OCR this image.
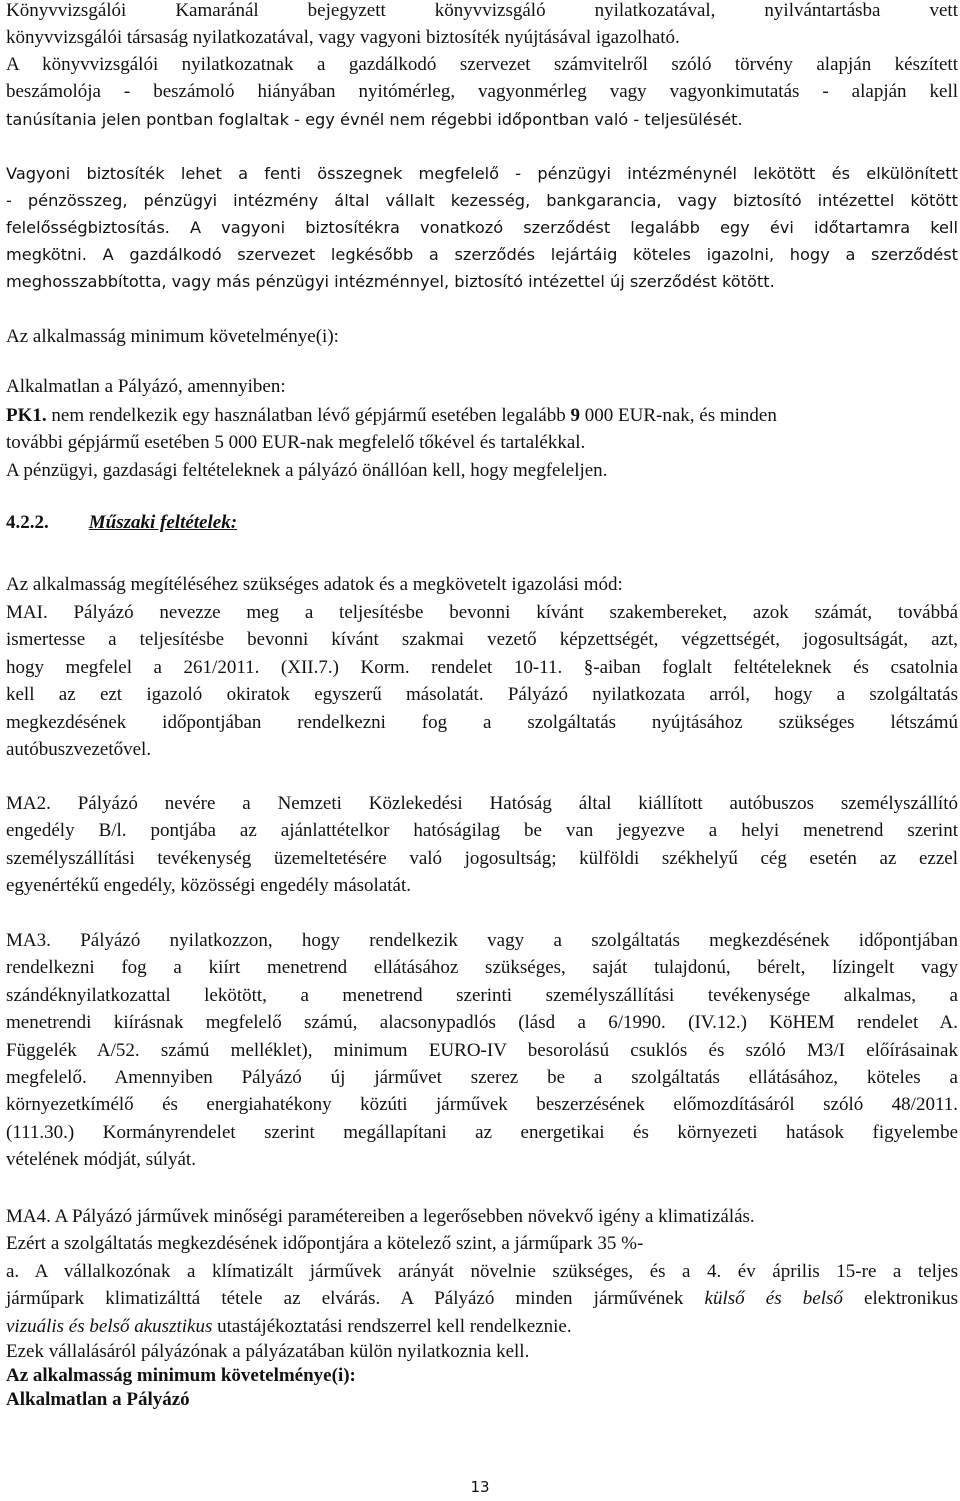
Könyvvizsgálói Kamaránál bejegyzett könyvvizsgáló nyilatkozatával, nyilvántartásba vett
könyvvizsgálói társaság nyilatkozatával, vagy vagyoni biztosíték nyújtásával igazolható.
A könyvvizsgálói nyilatkozatnak a gazdálkodó szervezet számvitelről szóló törvény alapján készített
beszámolója - beszámoló hiányában nyitómérleg, vagyonmérleg vagy vagyonkimutatás - alapján kell
tanúsítania jelen pontban foglaltak - egy évnél nem régebbi időpontban való - teljesülését.
Vagyoni biztosíték lehet a fenti összegnek megfelelő - pénzügyi intézménynél lekötött és elkülönített
- pénzösszeg, pénzügyi intézmény által vállalt kezesség, bankgarancia, vagy biztosító intézettel kötött
felelősségbiztosítás. A vagyoni biztosítékra vonatkozó szerződést legalább egy évi időtartamra kell
megkötni. A gazdálkodó szervezet legkésőbb a szerződés lejártáig köteles igazolni, hogy a szerződést
meghosszabbította, vagy más pénzügyi intézménnyel, biztosító intézettel új szerződést kötött.
Az alkalmasság minimum követelménye(i):
Alkalmatlan a Pályázó, amennyiben:
PK1. nem rendelkezik egy használatban lévő gépjármű esetében legalább 9 000 EUR-nak, és minden
további gépjármű esetében 5 000 EUR-nak megfelelő tőkével és tartalékkal.
A pénzügyi, gazdasági feltételeknek a pályázó önállóan kell, hogy megfeleljen.
4.2.2. Műszaki feltételek:
Az alkalmasság megítéléséhez szükséges adatok és a megkövetelt igazolási mód:
MAI. Pályázó nevezze meg a teljesítésbe bevonni kívánt szakembereket, azok számát, továbbá
ismertesse a teljesítésbe bevonni kívánt szakmai vezető képzettségét, végzettségét, jogosultságát, azt,
hogy megfelel a 261/2011. (XII.7.) Korm. rendelet 10-11. §-aiban foglalt feltételeknek és csatolnia
kell az ezt igazoló okiratok egyszerű másolatát. Pályázó nyilatkozata arról, hogy a szolgáltatás
megkezdésének időpontjában rendelkezni fog a szolgáltatás nyújtásához szükséges létszámú
autóbuszvezetővel.
MA2. Pályázó nevére a Nemzeti Közlekedési Hatóság által kiállított autóbuszos személyszállító
engedély B/l. pontjába az ajánlattételkor hatóságilag be van jegyezve a helyi menetrend szerint
személyszállítási tevékenység üzemeltetésére való jogosultság; külföldi székhelyű cég esetén az ezzel
egyenértékű engedély, közösségi engedély másolatát.
MA3. Pályázó nyilatkozzon, hogy rendelkezik vagy a szolgáltatás megkezdésének időpontjában
rendelkezni fog a kiírt menetrend ellátásához szükséges, saját tulajdonú, bérelt, lízingelt vagy
szándéknyilatkozattal lekötött, a menetrend szerinti személyszállítási tevékenysége alkalmas, a
menetrendi kiírásnak megfelelő számú, alacsonypadlós (lásd a 6/1990. (IV.12.) KöHEM rendelet A.
Függelék A/52. számú melléklet), minimum EURO-IV besorolású csuklós és szóló M3/I előírásainak
megfelelő. Amennyiben Pályázó új járművet szerez be a szolgáltatás ellátásához, köteles a
környezetkímélő és energiahatékony közúti járművek beszerzésének előmozdításáról szóló 48/2011.
(111.30.) Kormányrendelet szerint megállapítani az energetikai és környezeti hatások figyelembe
vételének módját, súlyát.
MA4. A Pályázó járművek minőségi paramétereiben a legerősebben növekvő igény a klimatizálás.
Ezért a szolgáltatás megkezdésének időpontjára a kötelező szint, a járműpark 35 %-
a. A vállalkozónak a klímatizált járművek arányát növelnie szükséges, és a 4. év április 15-re a teljes
járműpark klimatizálttá tétele az elvárás. A Pályázó minden járművének külső és belső elektronikus
vizuális és belső akusztikus utastájékoztatási rendszerrel kell rendelkeznie.
Ezek vállalásáról pályázónak a pályázatában külön nyilatkoznia kell.
Az alkalmasság minimum követelménye(i):
Alkalmatlan a Pályázó
13
